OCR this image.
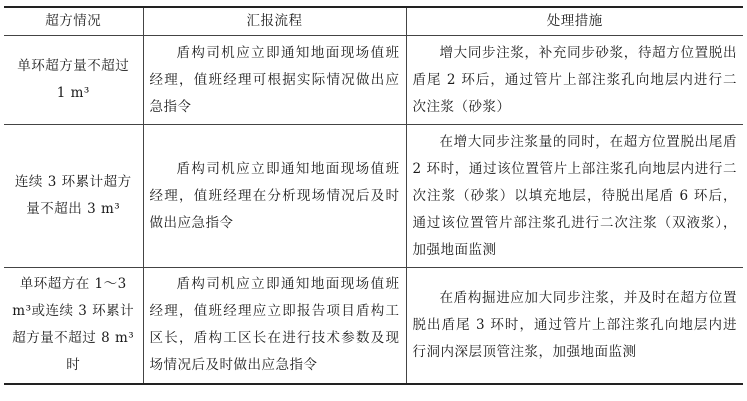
超方情况	汇报流程	处理措施
单环超方量不超过 1 m³	盾构司机应立即通知地面现场值班经理，值班经理可根据实际情况做出应急指令	增大同步注浆，补充同步砂浆，待超方位置脱出盾尾 2 环后，通过管片上部注浆孔向地层内进行二次注浆（砂浆）
连续 3 环累计超方量不超出 3 m³	盾构司机应立即通知地面现场值班经理，值班经理在分析现场情况后及时做出应急指令	在增大同步注浆量的同时，在超方位置脱出尾盾 2 环时，通过该位置管片上部注浆孔向地层内进行二次注浆（砂浆）以填充地层，待脱出尾盾 6 环后，通过该位置管片部注浆孔进行二次注浆（双液浆），加强地面监测
单环超方在 1～3 m³或连续 3 环累计超方量不超过 8 m³时	盾构司机应立即通知地面现场值班经理，值班经理应立即报告项目盾构工区长，盾构工区长在进行技术参数及现场情况后及时做出应急指令	在盾构掘进应加大同步注浆，并及时在超方位置脱出盾尾 3 环时，通过管片上部注浆孔向地层内进行洞内深层顶管注浆，加强地面监测
